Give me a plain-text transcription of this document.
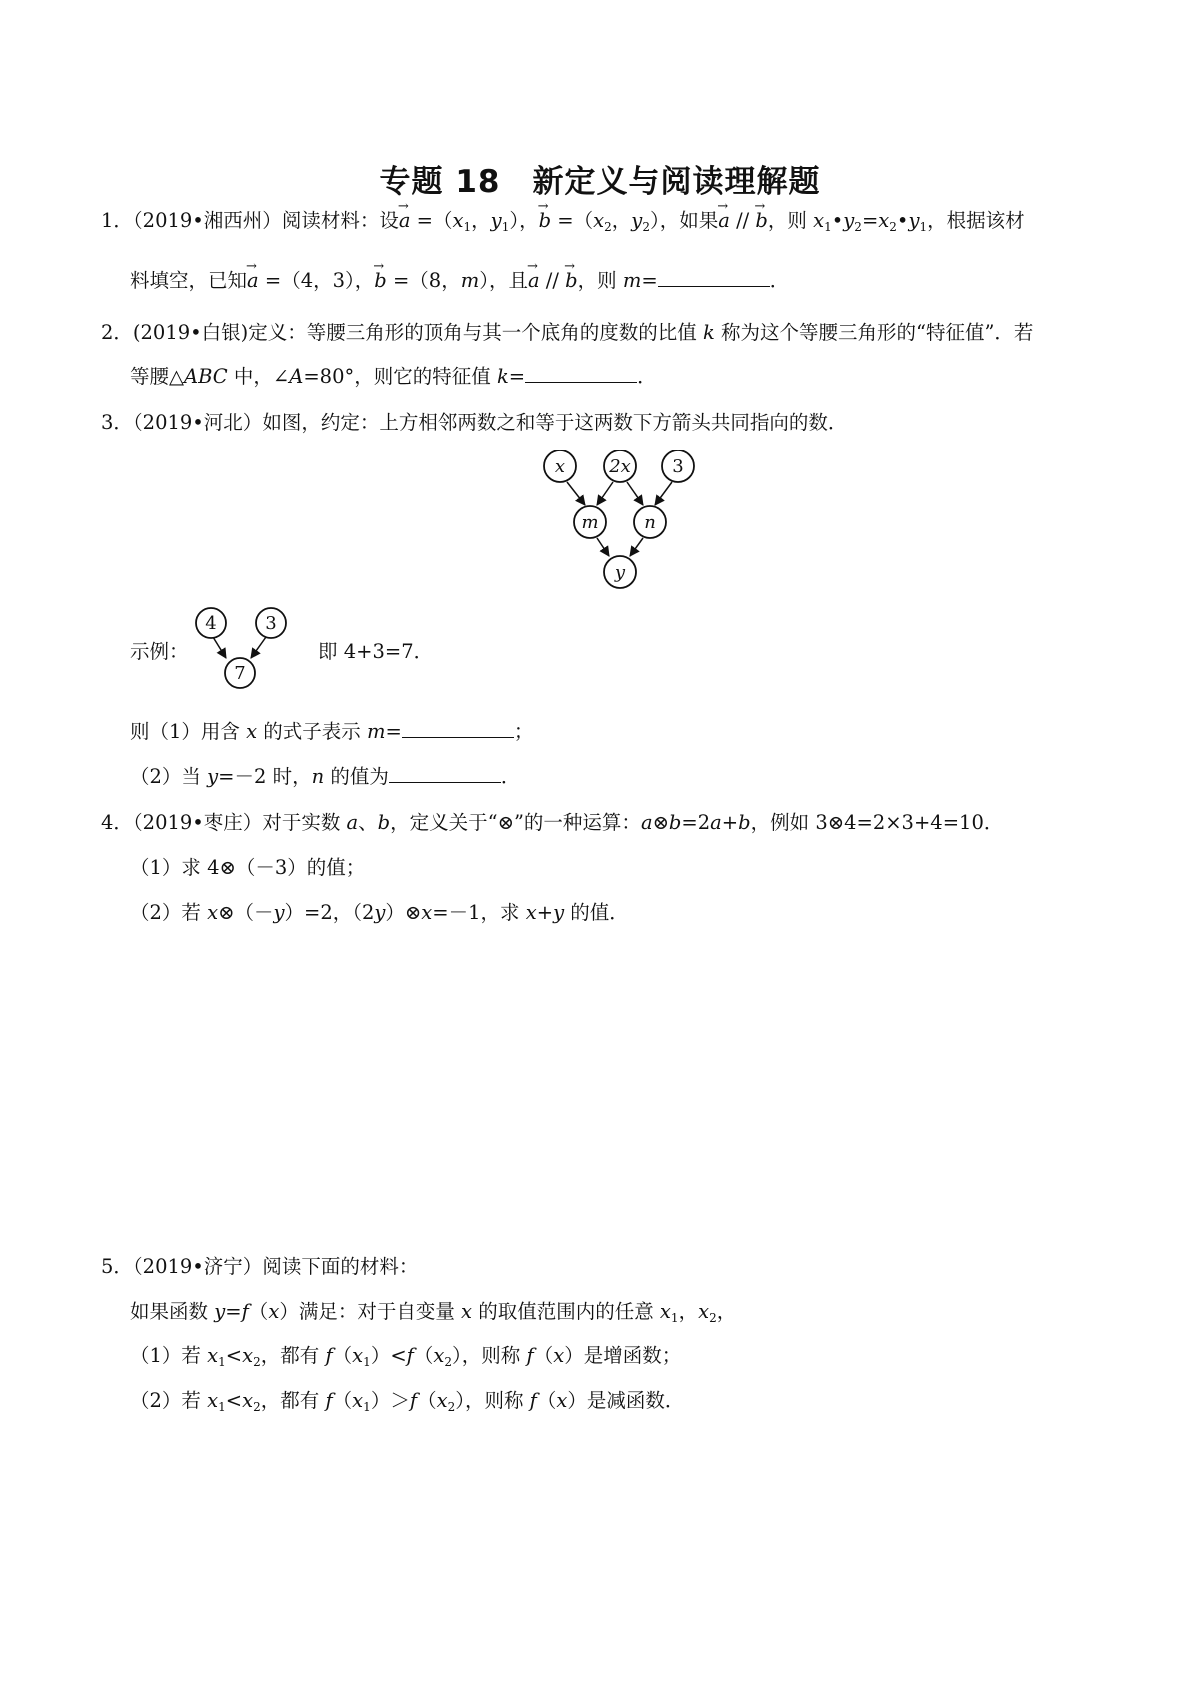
专题 18　新定义与阅读理解题
1．（2019•湘西州）阅读材料：设→ $a =(x_1$，$y_1$），→ $b =(x_2$，$y_2$），如果→ a // → b，则 $x_1•y_2=x_2•y_1$，根据该材
料填空，已知→ a =（4，3），→ b =（8，m），且→ a // → b，则 m=	．
2．(2019•白银)定义：等腰三角形的顶角与其一个底角的度数的比值 k 称为这个等腰三角形的“特征值”．若
等腰△ABC 中，∠A=80°，则它的特征值 k=	．
3．（2019•河北）如图，约定：上方相邻两数之和等于这两数下方箭头共同指向的数．
x 2x 3
m	n
y
示例：
4	3
7
即 4+3=7．
则（1）用含 x 的式子表示 m=	；
（2）当 y=－2 时，n 的值为	．
4．（2019•枣庄）对于实数 a、b，定义关于“⊗”的一种运算：a⊗b=2a+b，例如 3⊗4=2×3+4=10．
（1）求 4⊗（－3）的值；
（2）若 x⊗（－y）=2，（2y）⊗x=－1，求 x+y 的值．
5．（2019•济宁）阅读下面的材料：
如果函数 y=f（x）满足：对于自变量 x 的取值范围内的任意 $x_1$，$x_2$，
（1）若 $x_1<x_2$，都有 $f(x_1)<f(x_2)$，则称 f（x）是增函数；
（2）若 $x_1<x_2$，都有 $f(x_1)>f(x_2)$，则称 f（x）是减函数．
